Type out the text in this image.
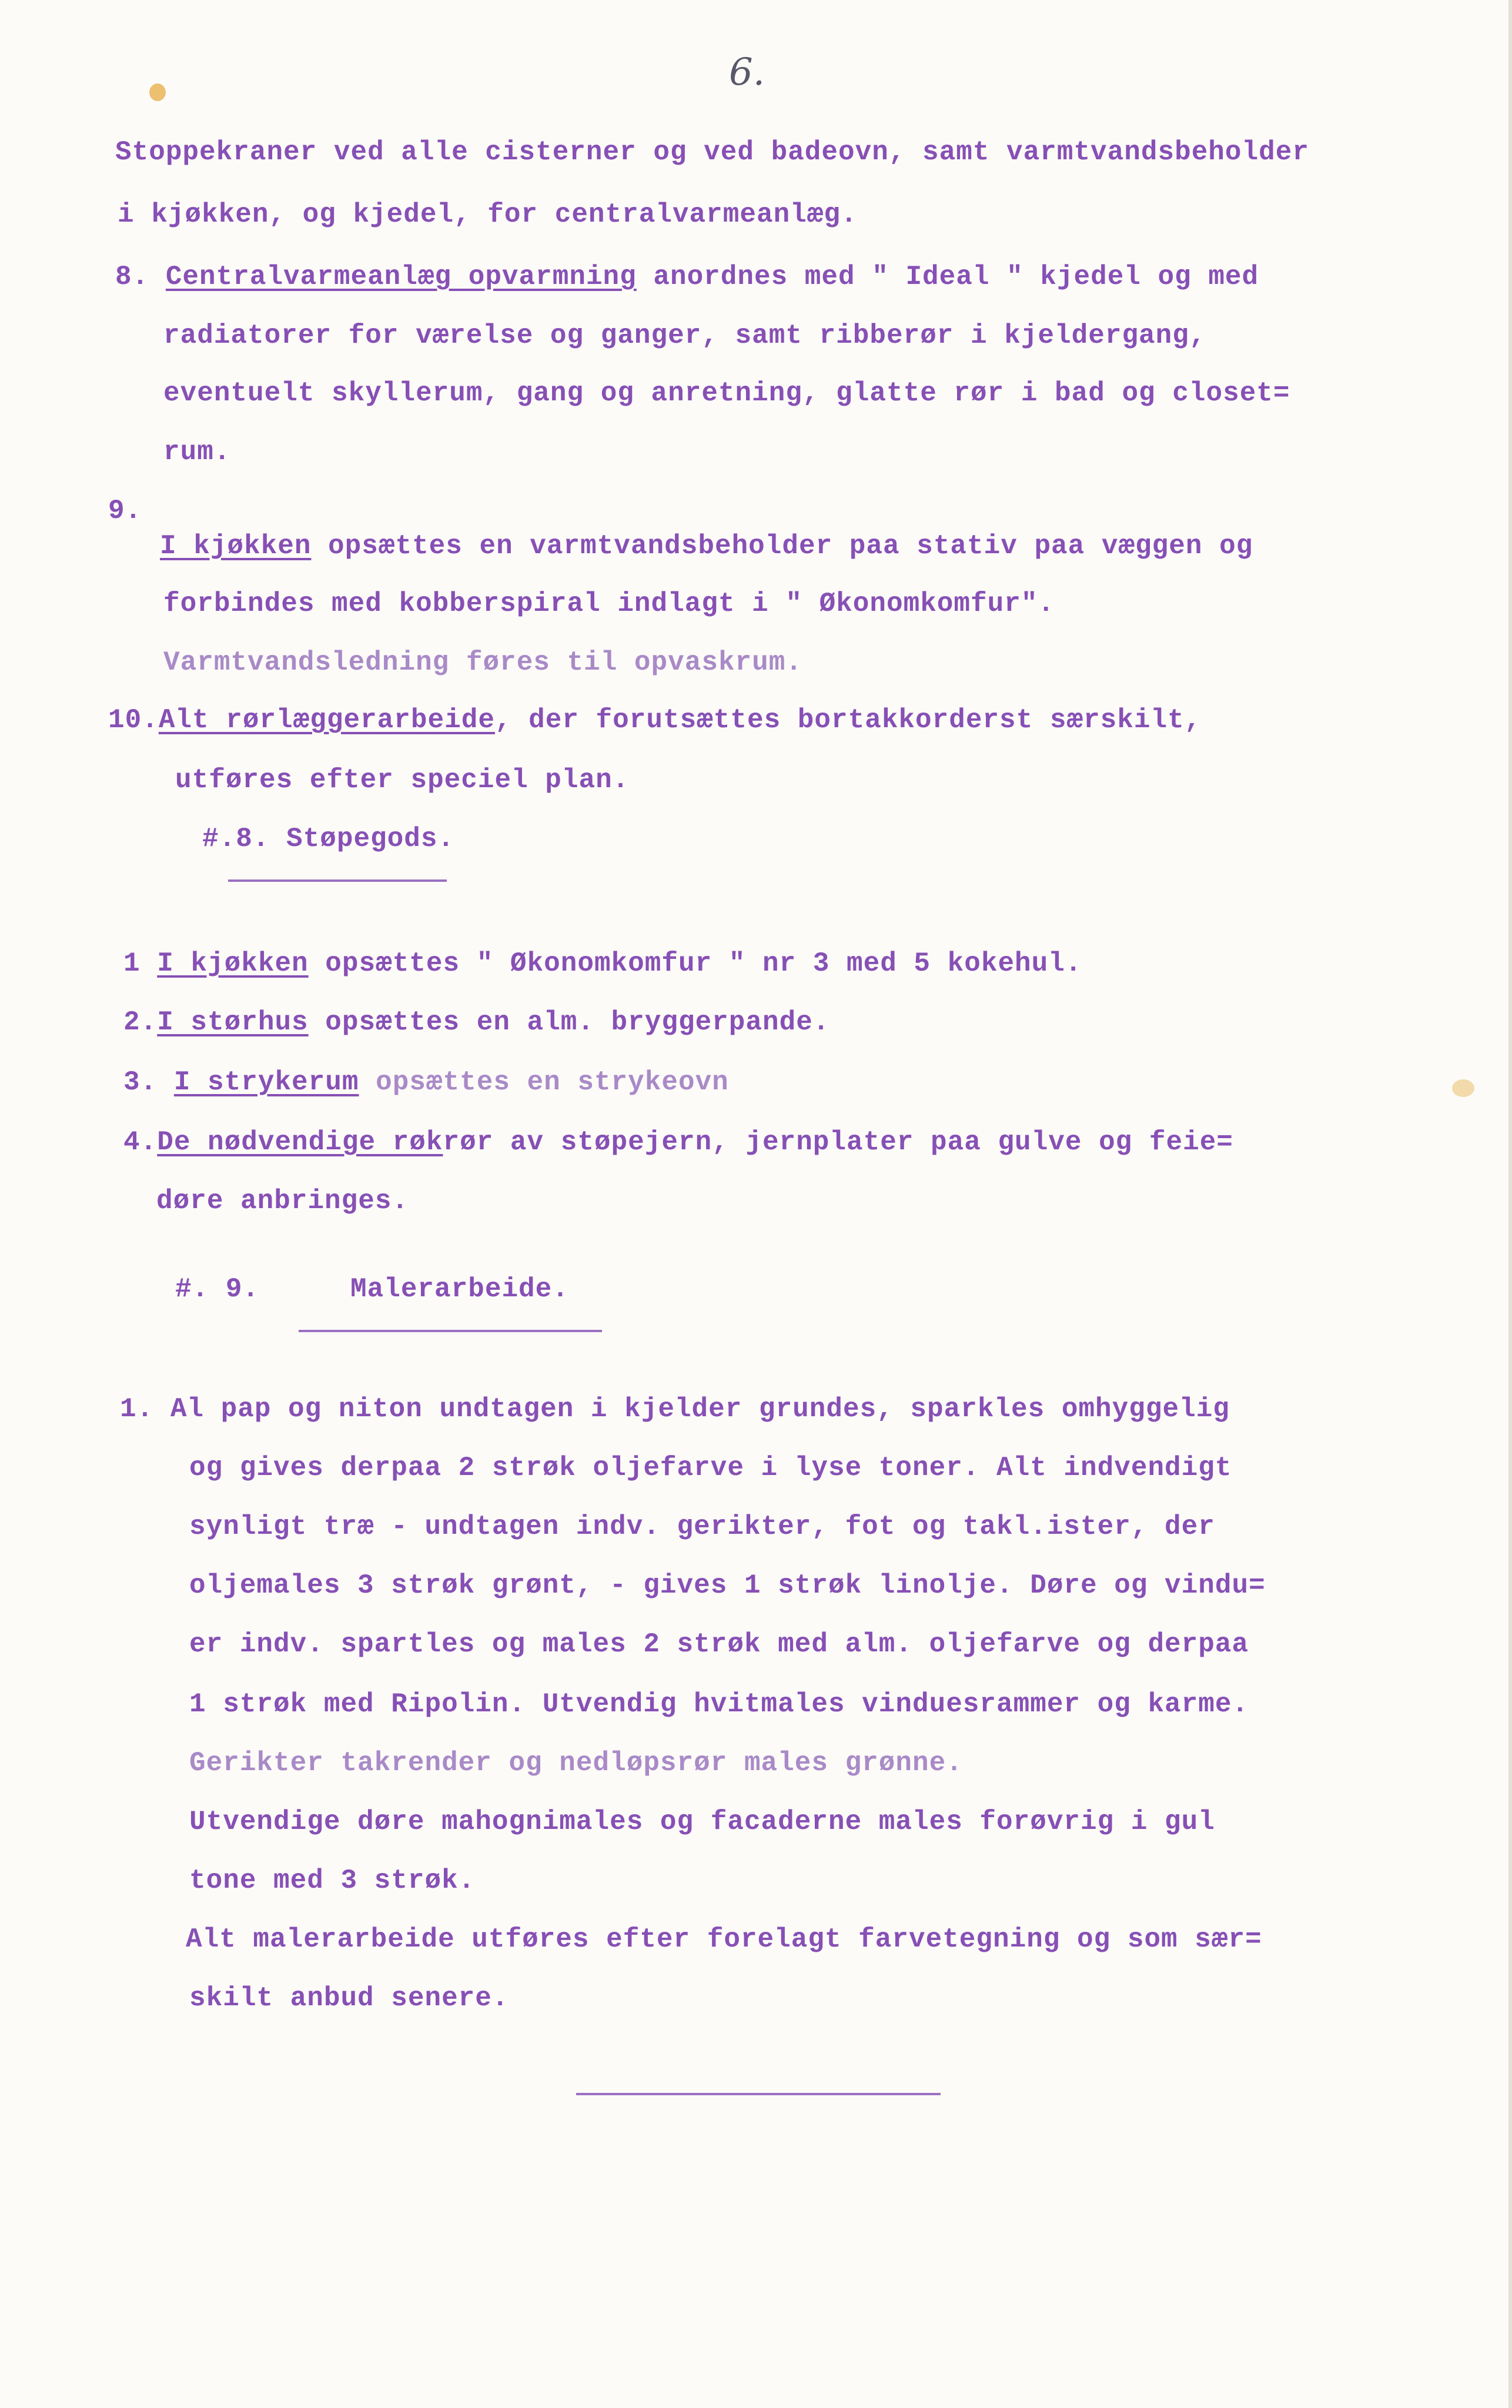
6.
Stoppekraner ved alle cisterner og ved badeovn, samt varmtvandsbeholder
i kjøkken, og kjedel, for centralvarmeanlæg.
8. Centralvarmeanlæg opvarmning anordnes med " Ideal " kjedel og med
radiatorer for værelse og ganger, samt ribberør i kjeldergang,
eventuelt skyllerum, gang og anretning, glatte rør i bad og closet=
rum.
9.
I kjøkken opsættes en varmtvandsbeholder paa stativ paa væggen og
forbindes med kobberspiral indlagt i " Økonomkomfur".
Varmtvandsledning føres til opvaskrum.
10.Alt rørlæggerarbeide, der forutsættes bortakkorderst særskilt,
utføres efter speciel plan.
#.8. Støpegods.
1 I kjøkken opsættes " Økonomkomfur " nr 3 med 5 kokehul.
2.I størhus opsættes en alm. bryggerpande.
3. I strykerum opsættes en strykeovn
4.De nødvendige røkrør av støpejern, jernplater paa gulve og feie=
døre anbringes.
#. 9.	Malerarbeide.
1. Al pap og niton undtagen i kjelder grundes, sparkles omhyggelig
og gives derpaa 2 strøk oljefarve i lyse toner. Alt indvendigt
synligt træ - undtagen indv. gerikter, fot og takl.ister, der
oljemales 3 strøk grønt, - gives 1 strøk linolje. Døre og vindu=
er indv. spartles og males 2 strøk med alm. oljefarve og derpaa
1 strøk med Ripolin. Utvendig hvitmales vinduesrammer og karme.
Gerikter takrender og nedløpsrør males grønne.
Utvendige døre mahognimales og facaderne males forøvrig i gul
tone med 3 strøk.
Alt malerarbeide utføres efter forelagt farvetegning og som sær=
skilt anbud senere.
